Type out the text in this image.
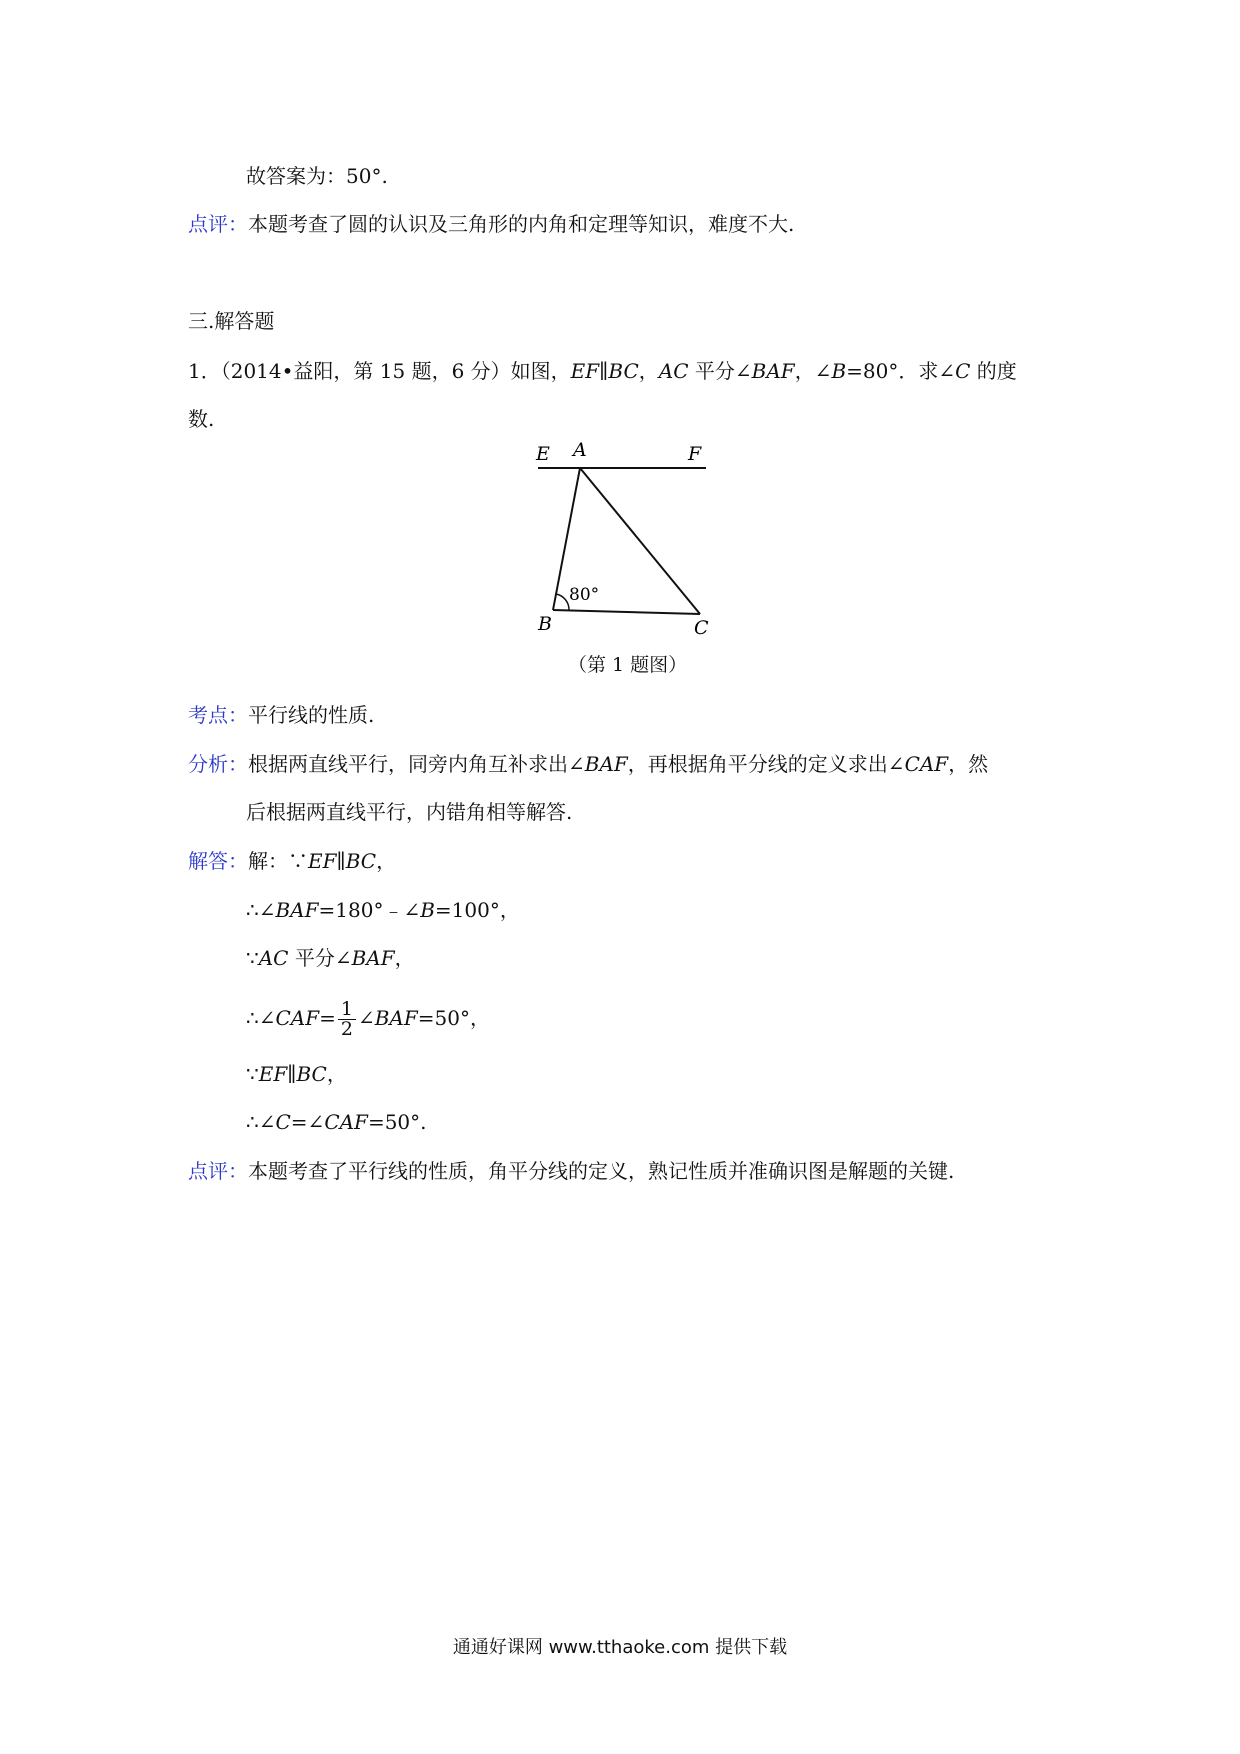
故答案为：50°.
点评：本题考查了圆的认识及三角形的内角和定理等知识，难度不大.
三.解答题
1．（2014•益阳，第 15 题，6 分）如图，EF∥BC，AC 平分∠BAF，∠B=80°．求∠C 的度
数.
E A	F
B	C
80°
（第 1 题图）
考点：平行线的性质.
分析：根据两直线平行，同旁内角互补求出∠BAF，再根据角平分线的定义求出∠CAF，然
后根据两直线平行，内错角相等解答.
解答：解：∵EF∥BC，
∴∠BAF=180°﹣∠B=100°，
∵AC 平分∠BAF，
∴∠CAF= $\frac{1}{2}$ ∠BAF=50°，
∵EF∥BC，
∴∠C=∠CAF=50°.
点评：本题考查了平行线的性质，角平分线的定义，熟记性质并准确识图是解题的关键.
通通好课网 www.tthaoke.com 提供下载
